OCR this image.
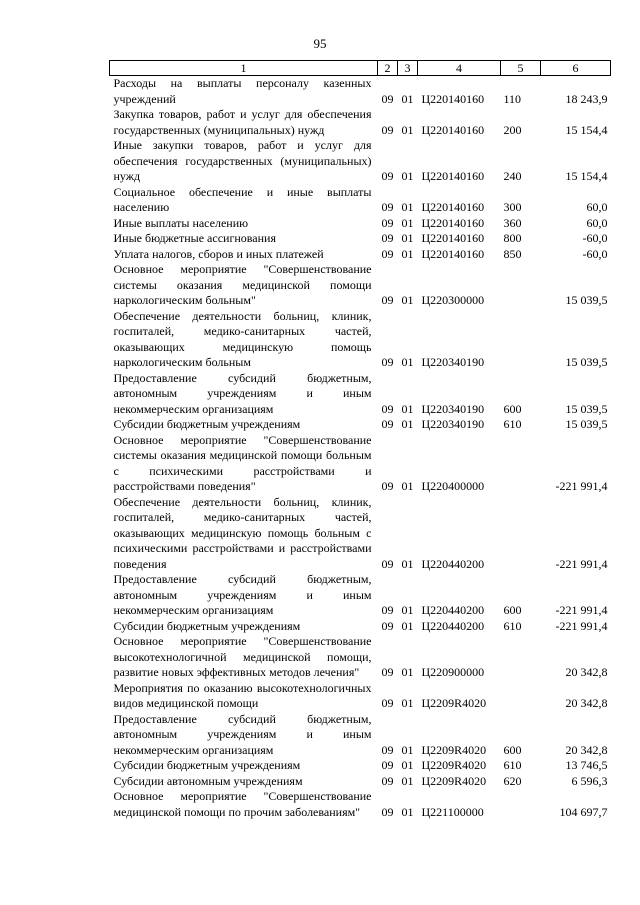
95
1	2	3	4	5	6
Расходы на выплаты персоналу казенных учреждений	09	01	Ц220140160	110	18 243,9
Закупка товаров, работ и услуг для обеспечения государственных (муниципальных) нужд	09	01	Ц220140160	200	15 154,4
Иные закупки товаров, работ и услуг для обеспечения государственных (муниципальных) нужд	09	01	Ц220140160	240	15 154,4
Социальное обеспечение и иные выплаты населению	09	01	Ц220140160	300	60,0
Иные выплаты населению	09	01	Ц220140160	360	60,0
Иные бюджетные ассигнования	09	01	Ц220140160	800	-60,0
Уплата налогов, сборов и иных платежей	09	01	Ц220140160	850	-60,0
Основное мероприятие "Совершенствование системы оказания медицинской помощи наркологическим больным"	09	01	Ц220300000		15 039,5
Обеспечение деятельности больниц, клиник, госпиталей, медико-санитарных частей, оказывающих медицинскую помощь наркологическим больным	09	01	Ц220340190		15 039,5
Предоставление субсидий бюджетным, автономным учреждениям и иным некоммерческим организациям	09	01	Ц220340190	600	15 039,5
Субсидии бюджетным учреждениям	09	01	Ц220340190	610	15 039,5
Основное мероприятие "Совершенствование системы оказания медицинской помощи больным с психическими расстройствами и расстройствами поведения"	09	01	Ц220400000		-221 991,4
Обеспечение деятельности больниц, клиник, госпиталей, медико-санитарных частей, оказывающих медицинскую помощь больным с психическими расстройствами и расстройствами поведения	09	01	Ц220440200		-221 991,4
Предоставление субсидий бюджетным, автономным учреждениям и иным некоммерческим организациям	09	01	Ц220440200	600	-221 991,4
Субсидии бюджетным учреждениям	09	01	Ц220440200	610	-221 991,4
Основное мероприятие "Совершенствование высокотехнологичной медицинской помощи, развитие новых эффективных методов лечения"	09	01	Ц220900000		20 342,8
Мероприятия по оказанию высокотехнологичных видов медицинской помощи	09	01	Ц2209R4020		20 342,8
Предоставление субсидий бюджетным, автономным учреждениям и иным некоммерческим организациям	09	01	Ц2209R4020	600	20 342,8
Субсидии бюджетным учреждениям	09	01	Ц2209R4020	610	13 746,5
Субсидии автономным учреждениям	09	01	Ц2209R4020	620	6 596,3
Основное мероприятие "Совершенствование медицинской помощи по прочим заболеваниям"	09	01	Ц221100000		104 697,7
